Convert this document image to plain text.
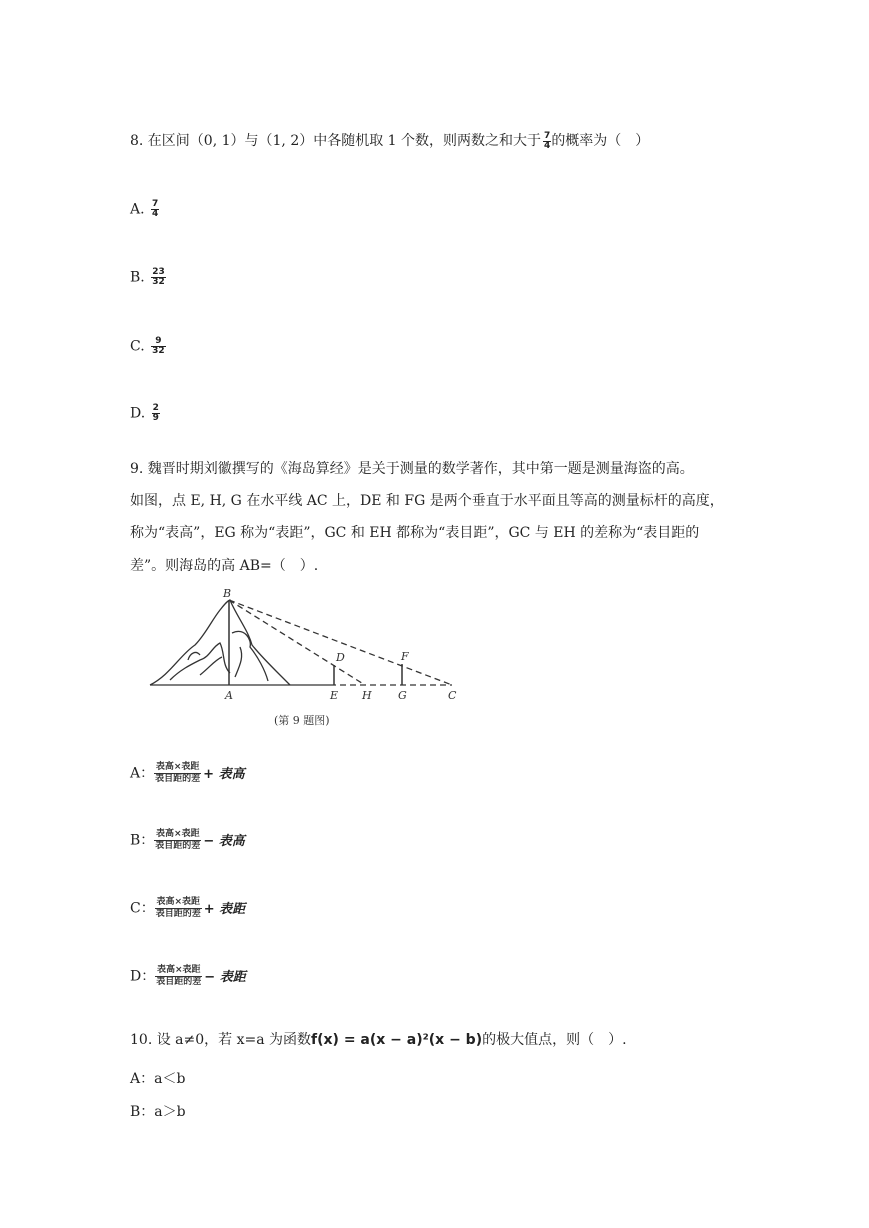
8. 在区间（0, 1）与（1, 2）中各随机取 1 个数，则两数之和大于 $\frac{7}{4}$ 的概率为（　）
A. $\frac{7}{4}$
B. $\frac{23}{32}$
C. $\frac{9}{32}$
D. $\frac{2}{9}$
9. 魏晋时期刘徽撰写的《海岛算经》是关于测量的数学著作，其中第一题是测量海盗的高。
如图，点 E, H, G 在水平线 AC 上，DE 和 FG 是两个垂直于水平面且等高的测量标杆的高度，
称为“表高”，EG 称为“表距”，GC 和 EH 都称为“表目距”，GC 与 EH 的差称为“表目距的
差”。则海岛的高 AB=（　）.
B
A
D	F
E H G	C
(第 9 题图)
A： $\frac{\text{表高×表距}}{\text{表目距的差}}$ + 表高
B： $\frac{\text{表高×表距}}{\text{表目距的差}}$ − 表高
C： $\frac{\text{表高×表距}}{\text{表目距的差}}$ + 表距
D： $\frac{\text{表高×表距}}{\text{表目距的差}}$ − 表距
10. 设 a≠0，若 x=a 为函数f(x) = a(x − a)²(x − b)的极大值点，则（　）.
A：a＜b
B：a＞b
